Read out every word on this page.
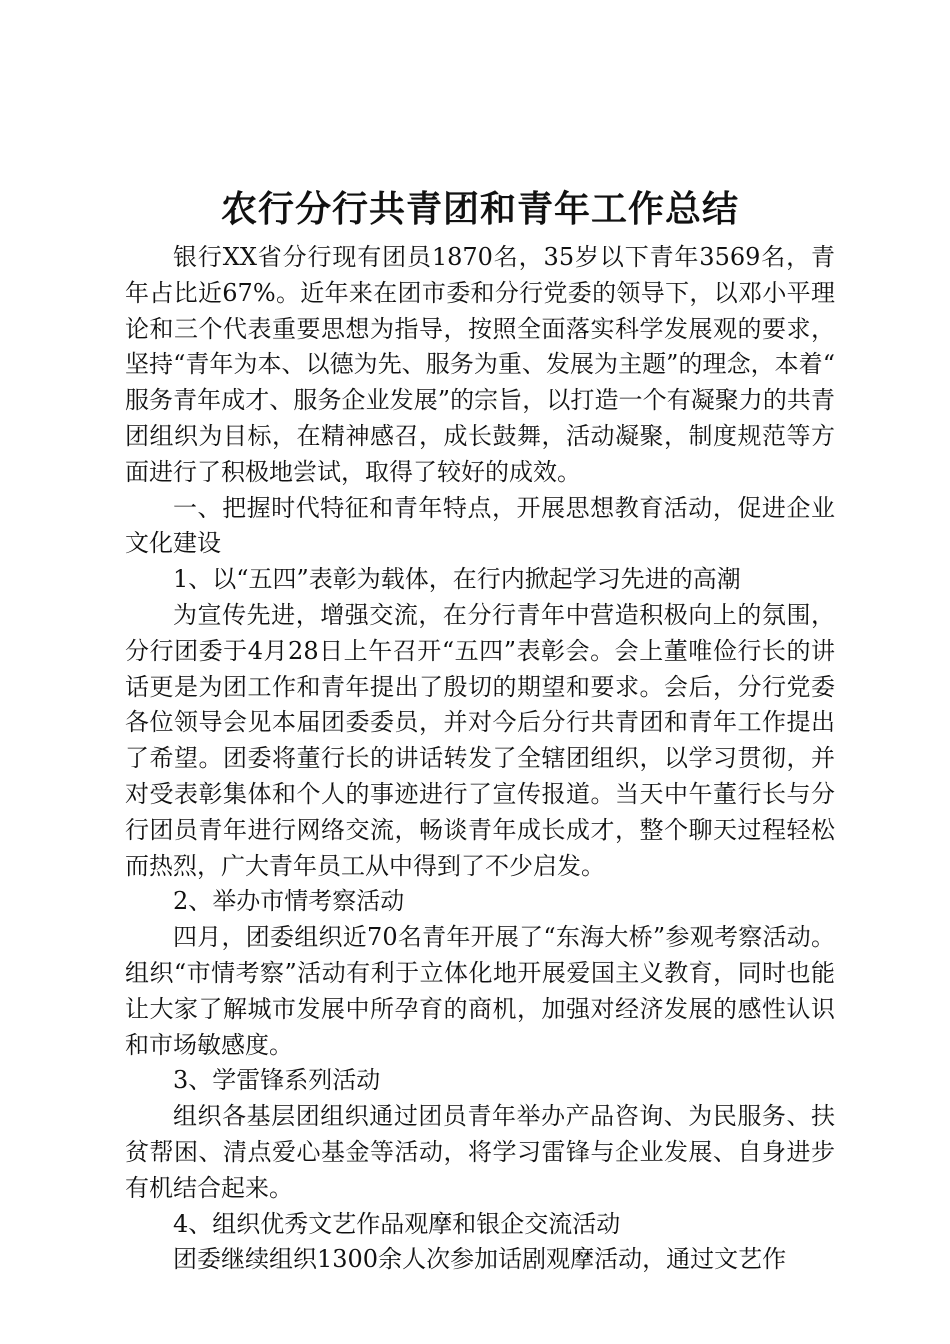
农行分行共青团和青年工作总结

银行XX省分行现有团员1870名，35岁以下青年3569名，青年占比近67%。近年来在团市委和分行党委的领导下，以邓小平理论和三个代表重要思想为指导，按照全面落实科学发展观的要求，坚持“青年为本、以德为先、服务为重、发展为主题”的理念，本着“服务青年成才、服务企业发展”的宗旨，以打造一个有凝聚力的共青团组织为目标，在精神感召，成长鼓舞，活动凝聚，制度规范等方面进行了积极地尝试，取得了较好的成效。

一、把握时代特征和青年特点，开展思想教育活动，促进企业文化建设

1、以“五四”表彰为载体，在行内掀起学习先进的高潮

为宣传先进，增强交流，在分行青年中营造积极向上的氛围，分行团委于4月28日上午召开“五四”表彰会。会上董唯俭行长的讲话更是为团工作和青年提出了殷切的期望和要求。会后，分行党委各位领导会见本届团委委员，并对今后分行共青团和青年工作提出了希望。团委将董行长的讲话转发了全辖团组织，以学习贯彻，并对受表彰集体和个人的事迹进行了宣传报道。当天中午董行长与分行团员青年进行网络交流，畅谈青年成长成才，整个聊天过程轻松而热烈，广大青年员工从中得到了不少启发。

2、举办市情考察活动

四月，团委组织近70名青年开展了“东海大桥”参观考察活动。组织“市情考察”活动有利于立体化地开展爱国主义教育，同时也能让大家了解城市发展中所孕育的商机，加强对经济发展的感性认识和市场敏感度。

3、学雷锋系列活动

组织各基层团组织通过团员青年举办产品咨询、为民服务、扶贫帮困、清点爱心基金等活动，将学习雷锋与企业发展、自身进步有机结合起来。

4、组织优秀文艺作品观摩和银企交流活动

团委继续组织1300余人次参加话剧观摩活动，通过文艺作
